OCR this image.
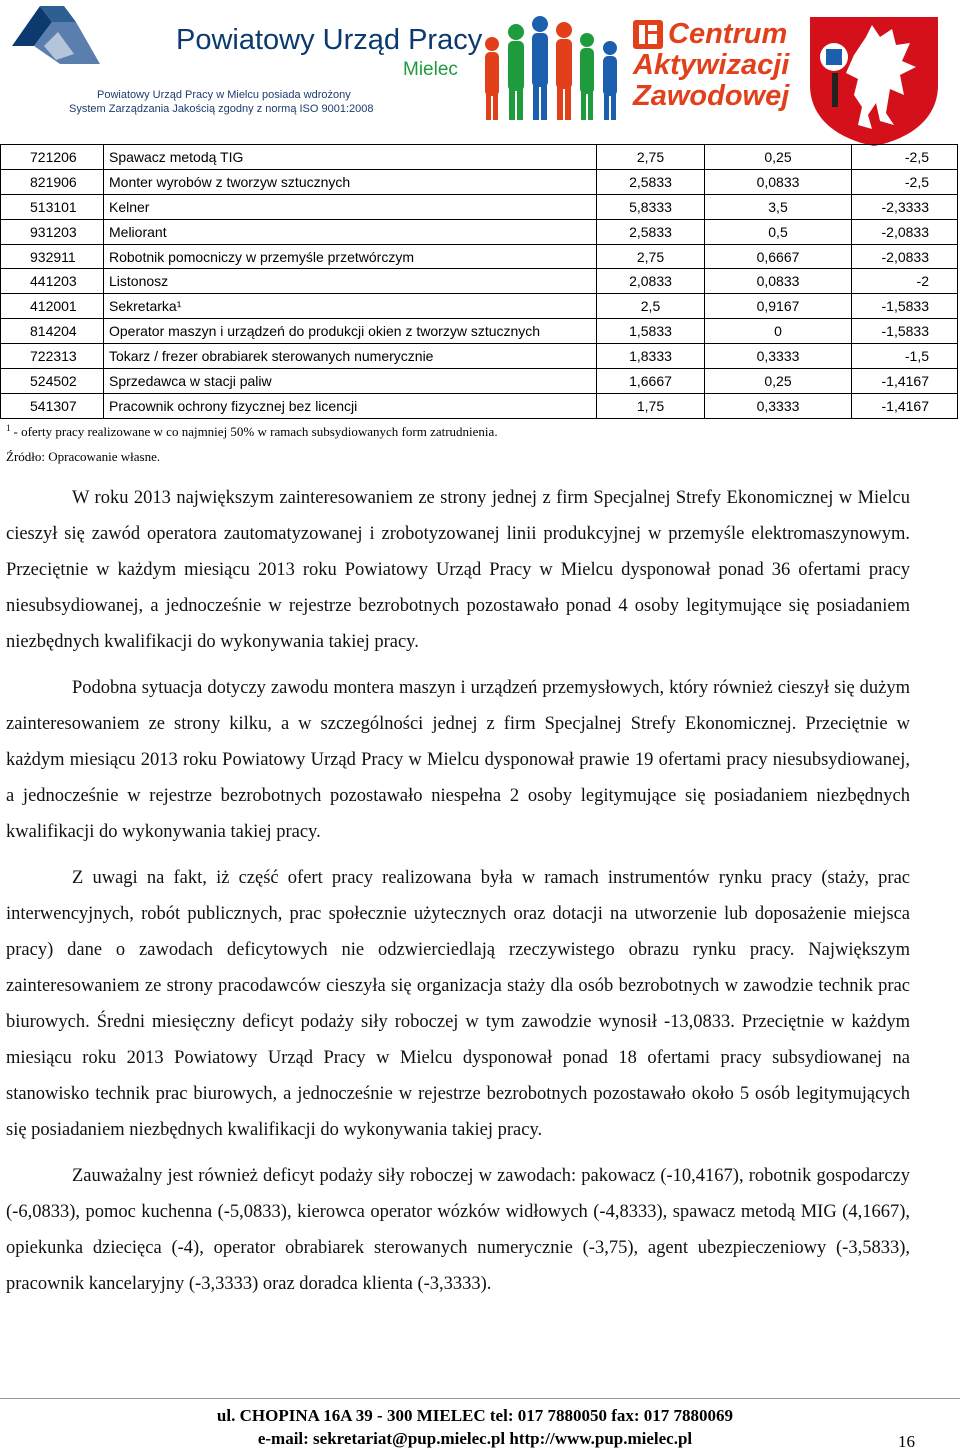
Powiatowy Urząd Pracy
Mielec
Powiatowy Urząd Pracy w Mielcu posiada wdrożony
System Zarządzania Jakością zgodny z normą ISO 9001:2008
Centrum
Aktywizacji
Zawodowej
721206	Spawacz metodą TIG	2,75	0,25	-2,5
821906	Monter wyrobów z tworzyw sztucznych	2,5833	0,0833	-2,5
513101	Kelner	5,8333	3,5	-2,3333
931203	Meliorant	2,5833	0,5	-2,0833
932911	Robotnik pomocniczy w przemyśle przetwórczym	2,75	0,6667	-2,0833
441203	Listonosz	2,0833	0,0833	-2
412001	Sekretarka¹	2,5	0,9167	-1,5833
814204	Operator maszyn i urządzeń do produkcji okien z tworzyw sztucznych	1,5833	0	-1,5833
722313	Tokarz / frezer obrabiarek sterowanych numerycznie	1,8333	0,3333	-1,5
524502	Sprzedawca w stacji paliw	1,6667	0,25	-1,4167
541307	Pracownik ochrony fizycznej bez licencji	1,75	0,3333	-1,4167
$^1$ - oferty pracy realizowane w co najmniej 50% w ramach subsydiowanych form zatrudnienia.
Źródło: Opracowanie własne.

W roku 2013 największym zainteresowaniem ze strony jednej z firm Specjalnej Strefy Ekonomicznej w Mielcu cieszył się zawód operatora zautomatyzowanej i zrobotyzowanej linii produkcyjnej w przemyśle elektromaszynowym. Przeciętnie w każdym miesiącu 2013 roku Powiatowy Urząd Pracy w Mielcu dysponował ponad 36 ofertami pracy niesubsydiowanej, a jednocześnie w rejestrze bezrobotnych pozostawało ponad 4 osoby legitymujące się posiadaniem niezbędnych kwalifikacji do wykonywania takiej pracy.

Podobna sytuacja dotyczy zawodu montera maszyn i urządzeń przemysłowych, który również cieszył się dużym zainteresowaniem ze strony kilku, a w szczególności jednej z firm Specjalnej Strefy Ekonomicznej. Przeciętnie w każdym miesiącu 2013 roku Powiatowy Urząd Pracy w Mielcu dysponował prawie 19 ofertami pracy niesubsydiowanej, a jednocześnie w rejestrze bezrobotnych pozostawało niespełna 2 osoby legitymujące się posiadaniem niezbędnych kwalifikacji do wykonywania takiej pracy.

Z uwagi na fakt, iż część ofert pracy realizowana była w ramach instrumentów rynku pracy (staży, prac interwencyjnych, robót publicznych, prac społecznie użytecznych oraz dotacji na utworzenie lub doposażenie miejsca pracy) dane o zawodach deficytowych nie odzwierciedlają rzeczywistego obrazu rynku pracy. Największym zainteresowaniem ze strony pracodawców cieszyła się organizacja staży dla osób bezrobotnych w zawodzie technik prac biurowych. Średni miesięczny deficyt podaży siły roboczej w tym zawodzie wynosił -13,0833. Przeciętnie w każdym miesiącu roku 2013 Powiatowy Urząd Pracy w Mielcu dysponował ponad 18 ofertami pracy subsydiowanej na stanowisko technik prac biurowych, a jednocześnie w rejestrze bezrobotnych pozostawało około 5 osób legitymujących się posiadaniem niezbędnych kwalifikacji do wykonywania takiej pracy.

Zauważalny jest również deficyt podaży siły roboczej w zawodach: pakowacz (-10,4167), robotnik gospodarczy (-6,0833), pomoc kuchenna (-5,0833), kierowca operator wózków widłowych (-4,8333), spawacz metodą MIG (4,1667), opiekunka dziecięca (-4), operator obrabiarek sterowanych numerycznie (-3,75), agent ubezpieczeniowy (-3,5833), pracownik kancelaryjny (-3,3333) oraz doradca klienta (-3,3333).

ul. CHOPINA 16A 39 - 300 MIELEC tel: 017 7880050 fax: 017 7880069
e-mail: sekretariat@pup.mielec.pl http://www.pup.mielec.pl	16
